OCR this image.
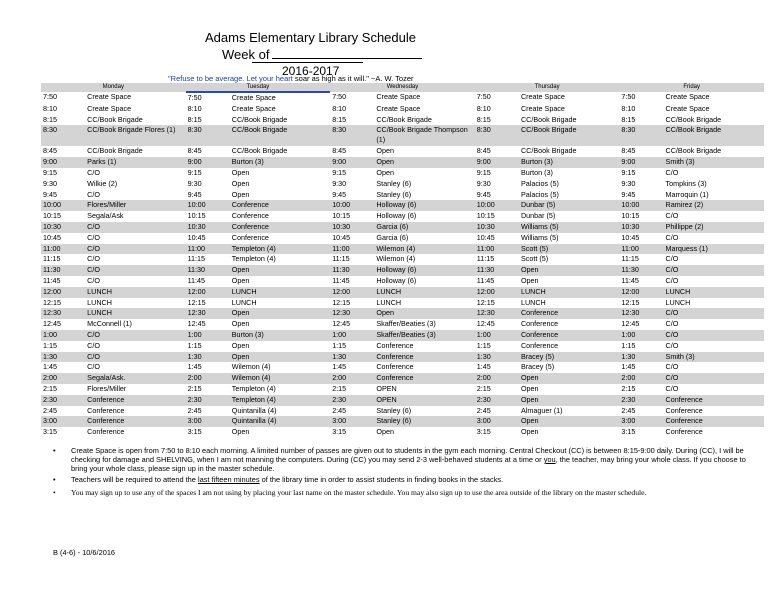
Adams Elementary Library Schedule
Week of
2016-2017
"Refuse to be average. Let your heart soar as high as it will." ~A. W. Tozer
Monday		Tuesday		Wednesday		Thursday		Friday	
7:50	Create Space	7:50	Create Space	7:50	Create Space	7:50	Create Space	7:50	Create Space
8:10	Create Space	8:10	Create Space	8:10	Create Space	8:10	Create Space	8:10	Create Space
8:15	CC/Book Brigade	8:15	CC/Book Brigade	8:15	CC/Book Brigade	8:15	CC/Book Brigade	8:15	CC/Book Brigade
8:30	CC/Book Brigade Flores (1)	8:30	CC/Book Brigade	8:30	CC/Book Brigade Thompson (1)	8:30	CC/Book Brigade	8:30	CC/Book Brigade
8:45	CC/Book Brigade	8:45	CC/Book Brigade	8:45	Open	8:45	CC/Book Brigade	8:45	CC/Book Brigade
9:00	Parks (1)	9:00	Burton (3)	9:00	Open	9:00	Burton (3)	9:00	Smith (3)
9:15	C/O	9:15	Open	9:15	Open	9:15	Burton (3)	9:15	C/O
9:30	Wilkie (2)	9:30	Open	9:30	Stanley (6)	9:30	Palacios (5)	9:30	Tompkins (3)
9:45	C/O	9:45	Open	9:45	Stanley (6)	9:45	Palacios (5)	9:45	Marroquin (1)
10:00	Flores/Miller	10:00	Conference	10:00	Holloway (6)	10:00	Dunbar (5)	10:00	Ramirez (2)
10:15	Segala/Ask	10:15	Conference	10:15	Holloway (6)	10:15	Dunbar (5)	10:15	C/O
10:30	C/O	10:30	Conference	10:30	Garcia (6)	10:30	Williams (5)	10:30	Phillippe (2)
10:45	C/O	10:45	Conference	10:45	Garcia (6)	10:45	Williams (5)	10:45	C/O
11:00	C/O	11:00	Templeton (4)	11:00	Wilemon (4)	11:00	Scott (5)	11:00	Marquess (1)
11:15	C/O	11:15	Templeton (4)	11:15	Wilemon (4)	11:15	Scott (5)	11:15	C/O
11:30	C/O	11:30	Open	11:30	Holloway (6)	11:30	Open	11:30	C/O
11:45	C/O	11:45	Open	11:45	Holloway (6)	11:45	Open	11:45	C/O
12:00	LUNCH	12:00	LUNCH	12:00	LUNCH	12:00	LUNCH	12:00	LUNCH
12:15	LUNCH	12:15	LUNCH	12:15	LUNCH	12:15	LUNCH	12:15	LUNCH
12:30	LUNCH	12:30	Open	12:30	Open	12:30	Conference	12:30	C/O
12:45	McConnell (1)	12:45	Open	12:45	Skaffer/Beaties (3)	12:45	Conference	12:45	C/O
1:00	C/O	1:00	Burton (3)	1:00	Skaffer/Beaties (3)	1:00	Conference	1:00	C/O
1:15	C/O	1:15	Open	1:15	Conference	1:15	Conference	1:15	C/O
1:30	C/O	1:30	Open	1:30	Conference	1:30	Bracey (5)	1:30	Smith (3)
1:45	C/O	1:45	Wilemon (4)	1:45	Conference	1:45	Bracey (5)	1:45	C/O
2:00	Segala/Ask.	2:00	Wilemon (4)	2:00	Conference	2:00	Open	2:00	C/O
2:15	Flores/Miller	2:15	Templeton (4)	2:15	OPEN	2:15	Open	2:15	C/O
2:30	Conference	2:30	Templeton (4)	2:30	OPEN	2:30	Open	2:30	Conference
2:45	Conference	2:45	Quintanilla (4)	2:45	Stanley (6)	2:45	Almaguer (1)	2:45	Conference
3:00	Conference	3:00	Quintanilla (4)	3:00	Stanley (6)	3:00	Open	3:00	Conference
3:15	Conference	3:15	Open	3:15	Open	3:15	Open	3:15	Conference
• Create Space is open from 7:50 to 8:10 each morning. A limited number of passes are given out to students in the gym each morning. Central Checkout (CC) is between 8:15-9:00 daily. During (CC), I will be checking for damage and SHELVING, when I am not manning the computers. During (CC) you may send 2-3 well-behaved students at a time or you, the teacher, may bring your whole class. If you choose to bring your whole class, please sign up in the master schedule.
• Teachers will be required to attend the last fifteen minutes of the library time in order to assist students in finding books in the stacks.
• You may sign up to use any of the spaces I am not using by placing your last name on the master schedule. You may also sign up to use the area outside of the library on the master schedule.
B (4-6) - 10/6/2016
